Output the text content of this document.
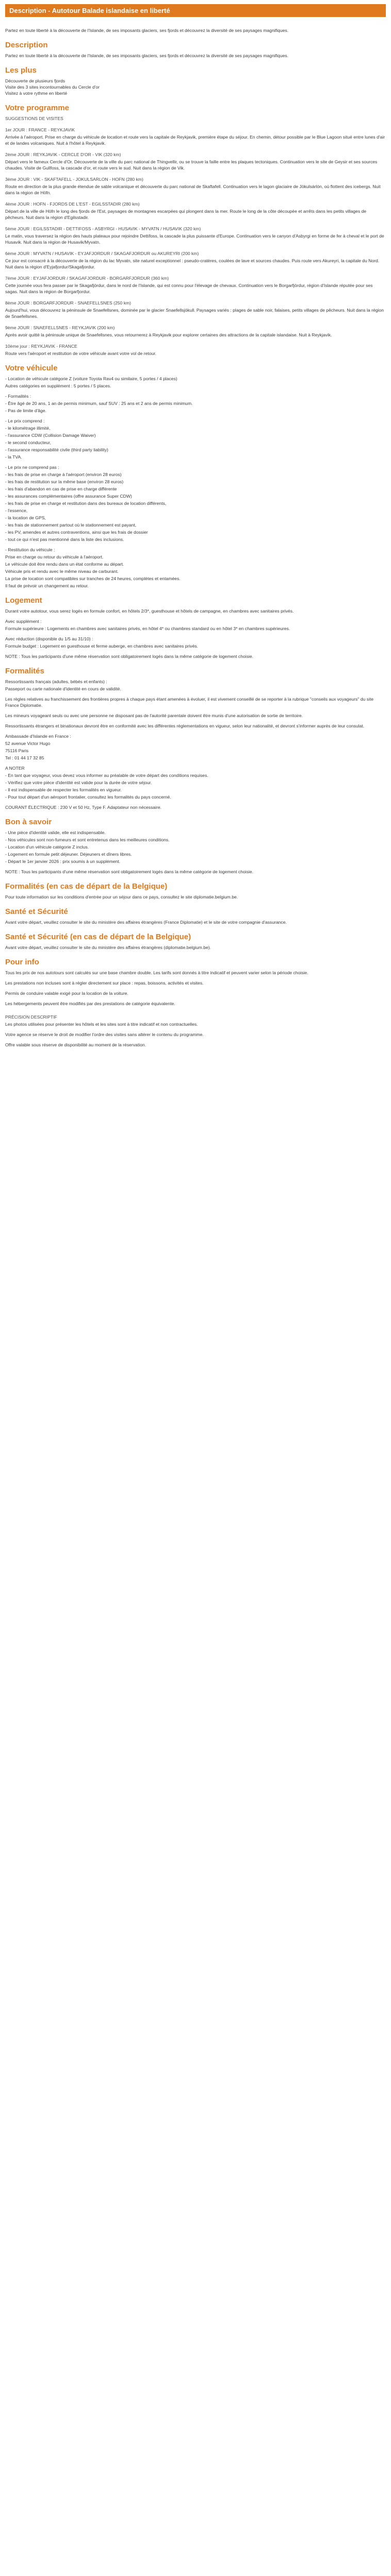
Description - Autotour Balade islandaise en liberté

Partez en toute liberté à la découverte de l'Islande, de ses imposants glaciers, ses fjords et découvrez la diversité de ses paysages magnifiques.

Description

Partez en toute liberté à la découverte de l'Islande, de ses imposants glaciers, ses fjords et découvrez la diversité de ses paysages magnifiques.

Les plus
Découverte de plusieurs fjords
Visite des 3 sites incontournables du Cercle d'or
Visitez à votre rythme en liberté
Votre programme
SUGGESTIONS DE VISITES
1er JOUR : FRANCE - REYKJAVIK

Arrivée à l'aéroport. Prise en charge du véhicule de location et route vers la capitale de Reykjavik, première étape du séjour. En chemin, détour possible par le Blue Lagoon situé entre lunes d'air et de landes volcaniques. Nuit à l'hôtel à Reykjavik.

2ème JOUR : REYKJAVIK - CERCLE D'OR - VIK (320 km)

Départ vers le fameux Cercle d'Or. Découverte de la ville du parc national de Thingvellir, ou se trouve la faille entre les plaques tectoniques. Continuation vers le site de Geysir et ses sources chaudes. Visite de Gullfoss, la cascade d'or, et route vers le sud. Nuit dans la région de Vik.

3ème JOUR : VIK - SKAFTAFELL - JOKULSARLON - HOFN (280 km)

Route en direction de la plus grande étendue de sable volcanique et découverte du parc national de Skaftafell. Continuation vers le lagon glaciaire de Jökulsárlón, où flottent des icebergs. Nuit dans la région de Höfn.

4ème JOUR : HOFN - FJORDS DE L'EST - EGILSSTADIR (280 km)

Départ de la ville de Höfn le long des fjords de l'Est, paysages de montagnes escarpées qui plongent dans la mer. Route le long de la côte découpée et arrêts dans les petits villages de pêcheurs. Nuit dans la région d'Egilsstadir.

5ème JOUR : EGILSSTADIR - DETTIFOSS - ASBYRGI - HUSAVIK - MYVATN / HUSAVIK (320 km)

Le matin, vous traversez la région des hauts plateaux pour rejoindre Dettifoss, la cascade la plus puissante d'Europe. Continuation vers le canyon d'Asbyrgi en forme de fer à cheval et le port de Husavik. Nuit dans la région de Husavik/Myvatn.

6ème JOUR : MYVATN / HUSAVIK - EYJAFJORDUR / SKAGAFJORDUR ou AKUREYRI (200 km)

Ce jour est consacré à la découverte de la région du lac Myvatn, site naturel exceptionnel : pseudo-cratères, coulées de lave et sources chaudes. Puis route vers Akureyri, la capitale du Nord. Nuit dans la région d'Eyjafjordur/Skagafjordur.

7ème JOUR : EYJAFJORDUR / SKAGAFJORDUR - BORGARFJORDUR (360 km)

Cette journée vous fera passer par le Skagafjördur, dans le nord de l'Islande, qui est connu pour l'élevage de chevaux. Continuation vers le Borgarfjördur, région d'Islande réputée pour ses sagas. Nuit dans la région de Borgarfjordur.

8ème JOUR : BORGARFJORDUR - SNAEFELLSNES (250 km)

Aujourd'hui, vous découvrez la péninsule de Snaefellsnes, dominée par le glacier Snaefellsjökull. Paysages variés : plages de sable noir, falaises, petits villages de pêcheurs. Nuit dans la région de Snaefellsnes.

9ème JOUR : SNAEFELLSNES - REYKJAVIK (200 km)

Après avoir quitté la péninsule unique de Snaefellsnes, vous retournerez à Reykjavik pour explorer certaines des attractions de la capitale islandaise. Nuit à Reykjavik.

10ème jour : REYKJAVIK - FRANCE

Route vers l'aéroport et restitution de votre véhicule avant votre vol de retour.

Votre véhicule
- Location de véhicule catégorie Z (voiture Toyota Rav4 ou similaire, 5 portes / 4 places)
Autres catégories en supplément : 5 portes / 5 places.
- Formalités :
- Être âgé de 20 ans, 1 an de permis minimum, sauf SUV : 25 ans et 2 ans de permis minimum.
- Pas de limite d'âge.
- Le prix comprend :
- le kilométrage illimité,
- l'assurance CDW (Collision Damage Waiver)
- le second conducteur,
- l'assurance responsabilité civile (third party liability)
- la TVA.
- Le prix ne comprend pas :
- les frais de prise en charge à l'aéroport (environ 28 euros)
- les frais de restitution sur la même base (environ 28 euros)
- les frais d'abandon en cas de prise en charge différente
- les assurances complémentaires (offre assurance Super CDW)
- les frais de prise en charge et restitution dans des bureaux de location différents,
- l'essence,
- la location de GPS,
- les frais de stationnement partout où le stationnement est payant,
- les PV, amendes et autres contraventions, ainsi que les frais de dossier
- tout ce qui n'est pas mentionné dans la liste des inclusions.
- Restitution du véhicule :
Prise en charge ou retour du véhicule à l'aéroport.
Le véhicule doit être rendu dans un état conforme au départ.
Véhicule pris et rendu avec le même niveau de carburant.
La prise de location sont compatibles sur tranches de 24 heures, complètes et entamées.
Il faut de prévoir un changement au retour.
Logement
Durant votre autotour, vous serez logés en formule confort, en hôtels 2/3*, guesthouse et hôtels de campagne, en chambres avec sanitaires privés.
Avec supplément :
Formule supérieure : Logements en chambres avec sanitaires privés, en hôtel 4* ou chambres standard ou en hôtel 3* en chambres supérieures.
Avec réduction (disponible du 1/5 au 31/10) :
Formule budget : Logement en guesthouse et ferme auberge, en chambres avec sanitaires privés.
NOTE : Tous les participants d'une même réservation sont obligatoirement logés dans la même catégorie de logement choisie.
Formalités
Ressortissants français (adultes, bébés et enfants) :
Passeport ou carte nationale d'identité en cours de validité.
Les règles relatives au franchissement des frontières propres à chaque pays étant amenées à évoluer, il est vivement conseillé de se reporter à la rubrique "conseils aux voyageurs" du site France Diplomatie.
Les mineurs voyageant seuls ou avec une personne ne disposant pas de l'autorité parentale doivent être munis d'une autorisation de sortie de territoire.
Ressortissants étrangers et binationaux devront être en conformité avec les différentes réglementations en vigueur, selon leur nationalité, et devront s'informer auprès de leur consulat.
Ambassade d'Islande en France :
52 avenue Victor Hugo
75116 Paris
Tel : 01 44 17 32 85
A NOTER
- En tant que voyageur, vous devez vous informer au préalable de votre départ des conditions requises.
- Vérifiez que votre pièce d'identité est valide pour la durée de votre séjour.
- Il est indispensable de respecter les formalités en vigueur.
- Pour tout départ d'un aéroport frontalier, consultez les formalités du pays concerné.
COURANT ÉLECTRIQUE : 230 V et 50 Hz, Type F. Adaptateur non nécessaire.
Bon à savoir
- Une pièce d'identité valide, elle est indispensable.
- Nos véhicules sont non-fumeurs et sont entretenus dans les meilleures conditions.
- Location d'un véhicule catégorie Z inclus.
- Logement en formule petit déjeuner. Déjeuners et dîners libres.
- Départ le 1er janvier 2026 : prix soumis à un supplément.
NOTE : Tous les participants d'une même réservation sont obligatoirement logés dans la même catégorie de logement choisie.
Formalités (en cas de départ de la Belgique)
Pour toute information sur les conditions d'entrée pour un séjour dans ce pays, consultez le site diplomatie.belgium.be.
Santé et Sécurité
Avant votre départ, veuillez consulter le site du ministère des affaires étrangères (France Diplomatie) et le site de votre compagnie d'assurance.
Santé et Sécurité (en cas de départ de la Belgique)
Avant votre départ, veuillez consulter le site du ministère des affaires étrangères (diplomatie.belgium.be).
Pour info
Tous les prix de nos autotours sont calculés sur une base chambre double. Les tarifs sont donnés à titre indicatif et peuvent varier selon la période choisie.
Les prestations non incluses sont à régler directement sur place : repas, boissons, activités et visites.
Permis de conduire valable exigé pour la location de la voiture.
Les hébergements peuvent être modifiés par des prestations de catégorie équivalente.
PRÉCISION DESCRIPTIF
Les photos utilisées pour présenter les hôtels et les sites sont à titre indicatif et non contractuelles.
Votre agence se réserve le droit de modifier l'ordre des visites sans altérer le contenu du programme.
Offre valable sous réserve de disponibilité au moment de la réservation.
